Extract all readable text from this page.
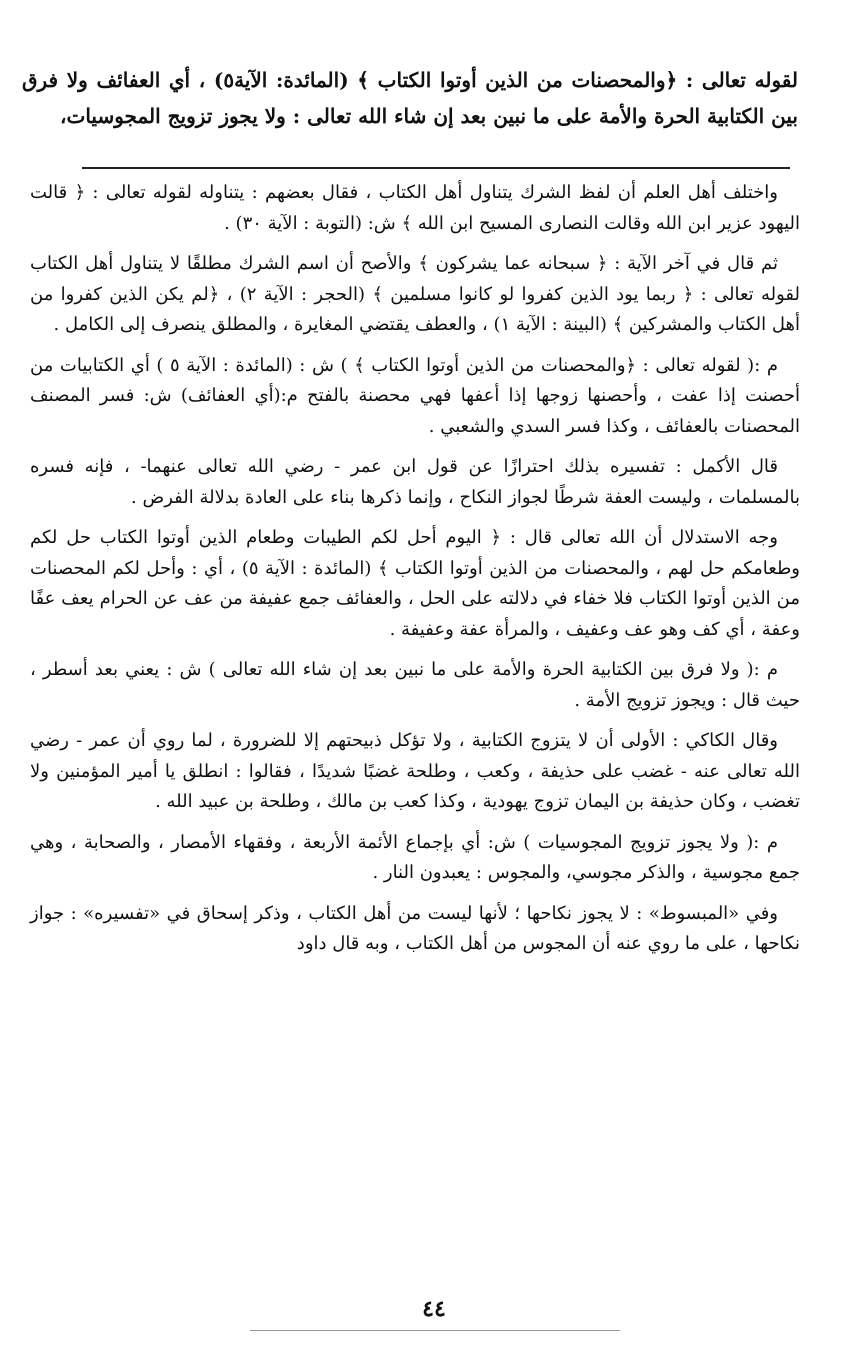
لقوله تعالى : ﴿والمحصنات من الذين أوتوا الكتاب ﴾ (المائدة: الآية٥) ، أي العفائف ولا فرق بين الكتابية الحرة والأمة على ما نبين بعد إن شاء الله تعالى : ولا يجوز تزويج المجوسيات،

واختلف أهل العلم أن لفظ الشرك يتناول أهل الكتاب ، فقال بعضهم : يتناوله لقوله تعالى : ﴿ قالت اليهود عزير ابن الله وقالت النصارى المسيح ابن الله ﴾ ش: (التوبة : الآية ٣٠) .

ثم قال في آخر الآية : ﴿ سبحانه عما يشركون ﴾ والأصح أن اسم الشرك مطلقًا لا يتناول أهل الكتاب لقوله تعالى : ﴿ ربما يود الذين كفروا لو كانوا مسلمين ﴾ (الحجر : الآية ٢) ، ﴿لم يكن الذين كفروا من أهل الكتاب والمشركين ﴾ (البينة : الآية ١) ، والعطف يقتضي المغايرة ، والمطلق ينصرف إلى الكامل .

م :( لقوله تعالى : ﴿والمحصنات من الذين أوتوا الكتاب ﴾ ) ش : (المائدة : الآية ٥ ) أي الكتابيات من أحصنت إذا عفت ، وأحصنها زوجها إذا أعفها فهي محصنة بالفتح م:(أي العفائف) ش: فسر المصنف المحصنات بالعفائف ، وكذا فسر السدي والشعبي .

قال الأكمل : تفسيره بذلك احترازًا عن قول ابن عمر - رضي الله تعالى عنهما- ، فإنه فسره بالمسلمات ، وليست العفة شرطًا لجواز النكاح ، وإنما ذكرها بناء على العادة بدلالة الفرض .

وجه الاستدلال أن الله تعالى قال : ﴿ اليوم أحل لكم الطيبات وطعام الذين أوتوا الكتاب حل لكم وطعامكم حل لهم ، والمحصنات من الذين أوتوا الكتاب ﴾ (المائدة : الآية ٥) ، أي : وأحل لكم المحصنات من الذين أوتوا الكتاب فلا خفاء في دلالته على الحل ، والعفائف جمع عفيفة من عف عن الحرام يعف عفًا وعفة ، أي كف وهو عف وعفيف ، والمرأة عفة وعفيفة .

م :( ولا فرق بين الكتابية الحرة والأمة على ما نبين بعد إن شاء الله تعالى ) ش : يعني بعد أسطر ، حيث قال : ويجوز تزويج الأمة .

وقال الكاكي : الأولى أن لا يتزوج الكتابية ، ولا تؤكل ذبيحتهم إلا للضرورة ، لما روي أن عمر - رضي الله تعالى عنه - غضب على حذيفة ، وكعب ، وطلحة غضبًا شديدًا ، فقالوا : انطلق يا أمير المؤمنين ولا تغضب ، وكان حذيفة بن اليمان تزوج يهودية ، وكذا كعب بن مالك ، وطلحة بن عبيد الله .

م :( ولا يجوز تزويج المجوسيات ) ش: أي بإجماع الأئمة الأربعة ، وفقهاء الأمصار ، والصحابة ، وهي جمع مجوسية ، والذكر مجوسي، والمجوس : يعبدون النار .

وفي «المبسوط» : لا يجوز نكاحها ؛ لأنها ليست من أهل الكتاب ، وذكر إسحاق في «تفسيره» : جواز نكاحها ، على ما روي عنه أن المجوس من أهل الكتاب ، وبه قال داود

٤٤
